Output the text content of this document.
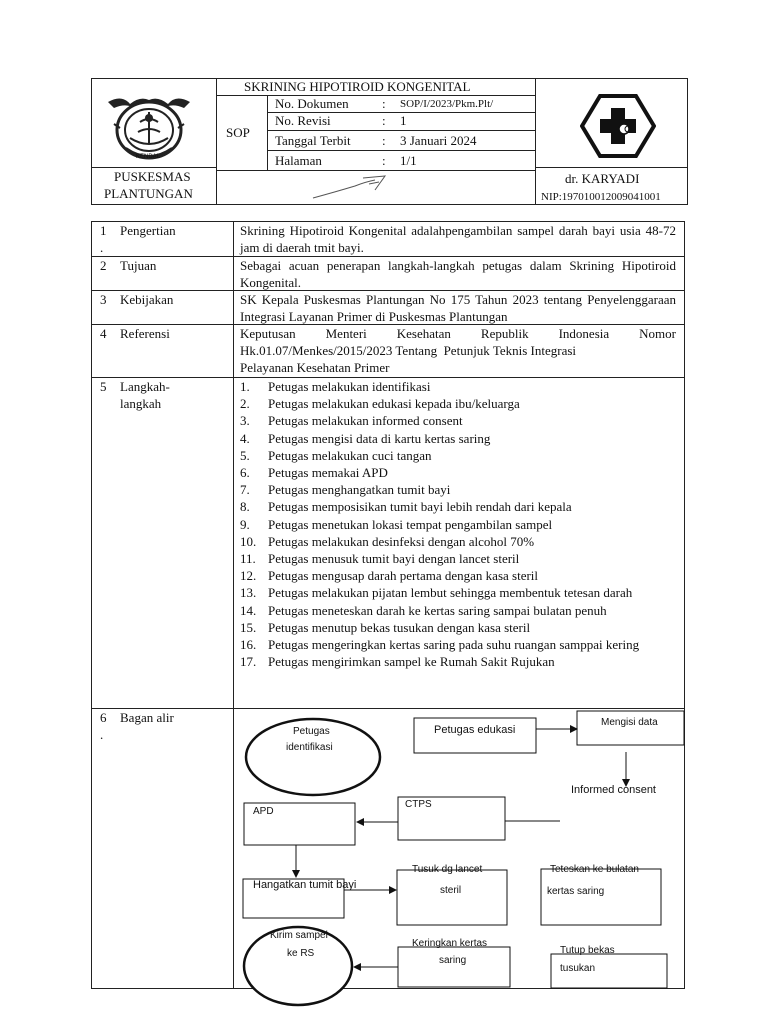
KENDAL
SKRINING HIPOTIROID KONGENITAL
SOP
No. Dokumen	: SOP/I/2023/Pkm.Plt/
No. Revisi	: 1
Tanggal Terbit : 3 Januari 2024
Halaman	: 1/1
PUSKESMAS
PLANTUNGAN
dr. KARYADI
NIP:197010012009041001
1
.
Pengertian	Skrining Hipotiroid Kongenital adalahpengambilan sampel darah bayi usia 48-72 jam di daerah tmit bayi.
2 Tujuan	Sebagai acuan penerapan langkah-langkah petugas dalam Skrining Hipotiroid Kongenital.
3 Kebijakan	SK Kepala Puskesmas Plantungan No 175 Tahun 2023 tentang Penyelenggaraan Integrasi Layanan Primer di Puskesmas Plantungan
4 Referensi	Keputusan Menteri Kesehatan Republik Indonesia Nomor
Hk.01.07/Menkes/2015/2023 Tentang  Petunjuk Teknis Integrasi
Pelayanan Kesehatan Primer
5 Langkah-
langkah
1. Petugas melakukan identifikasi
2. Petugas melakukan edukasi kepada ibu/keluarga
3. Petugas melakukan informed consent
4. Petugas mengisi data di kartu kertas saring
5. Petugas melakukan cuci tangan
6. Petugas memakai APD
7. Petugas menghangatkan tumit bayi
8. Petugas memposisikan tumit bayi lebih rendah dari kepala
9. Petugas menetukan lokasi tempat pengambilan sampel
10. Petugas melakukan desinfeksi dengan alcohol 70%
11. Petugas menusuk tumit bayi dengan lancet steril
12. Petugas mengusap darah pertama dengan kasa steril
13. Petugas melakukan pijatan lembut sehingga membentuk tetesan darah
14. Petugas meneteskan darah ke kertas saring sampai bulatan penuh
15. Petugas menutup bekas tusukan dengan kasa steril
16. Petugas mengeringkan kertas saring pada suhu ruangan samppai kering
17. Petugas mengirimkan sampel ke Rumah Sakit Rujukan
6
.
Bagan alir
Petugas
identifikasi
Petugas edukasi
Mengisi data
Informed consent
CTPS
APD
Hangatkan tumit bayi
Tusuk dg lancet
steril
Teteskan ke bulatan
kertas saring
Kirim sampel
ke RS
Keringkan kertas
saring
Tutup bekas
tusukan
